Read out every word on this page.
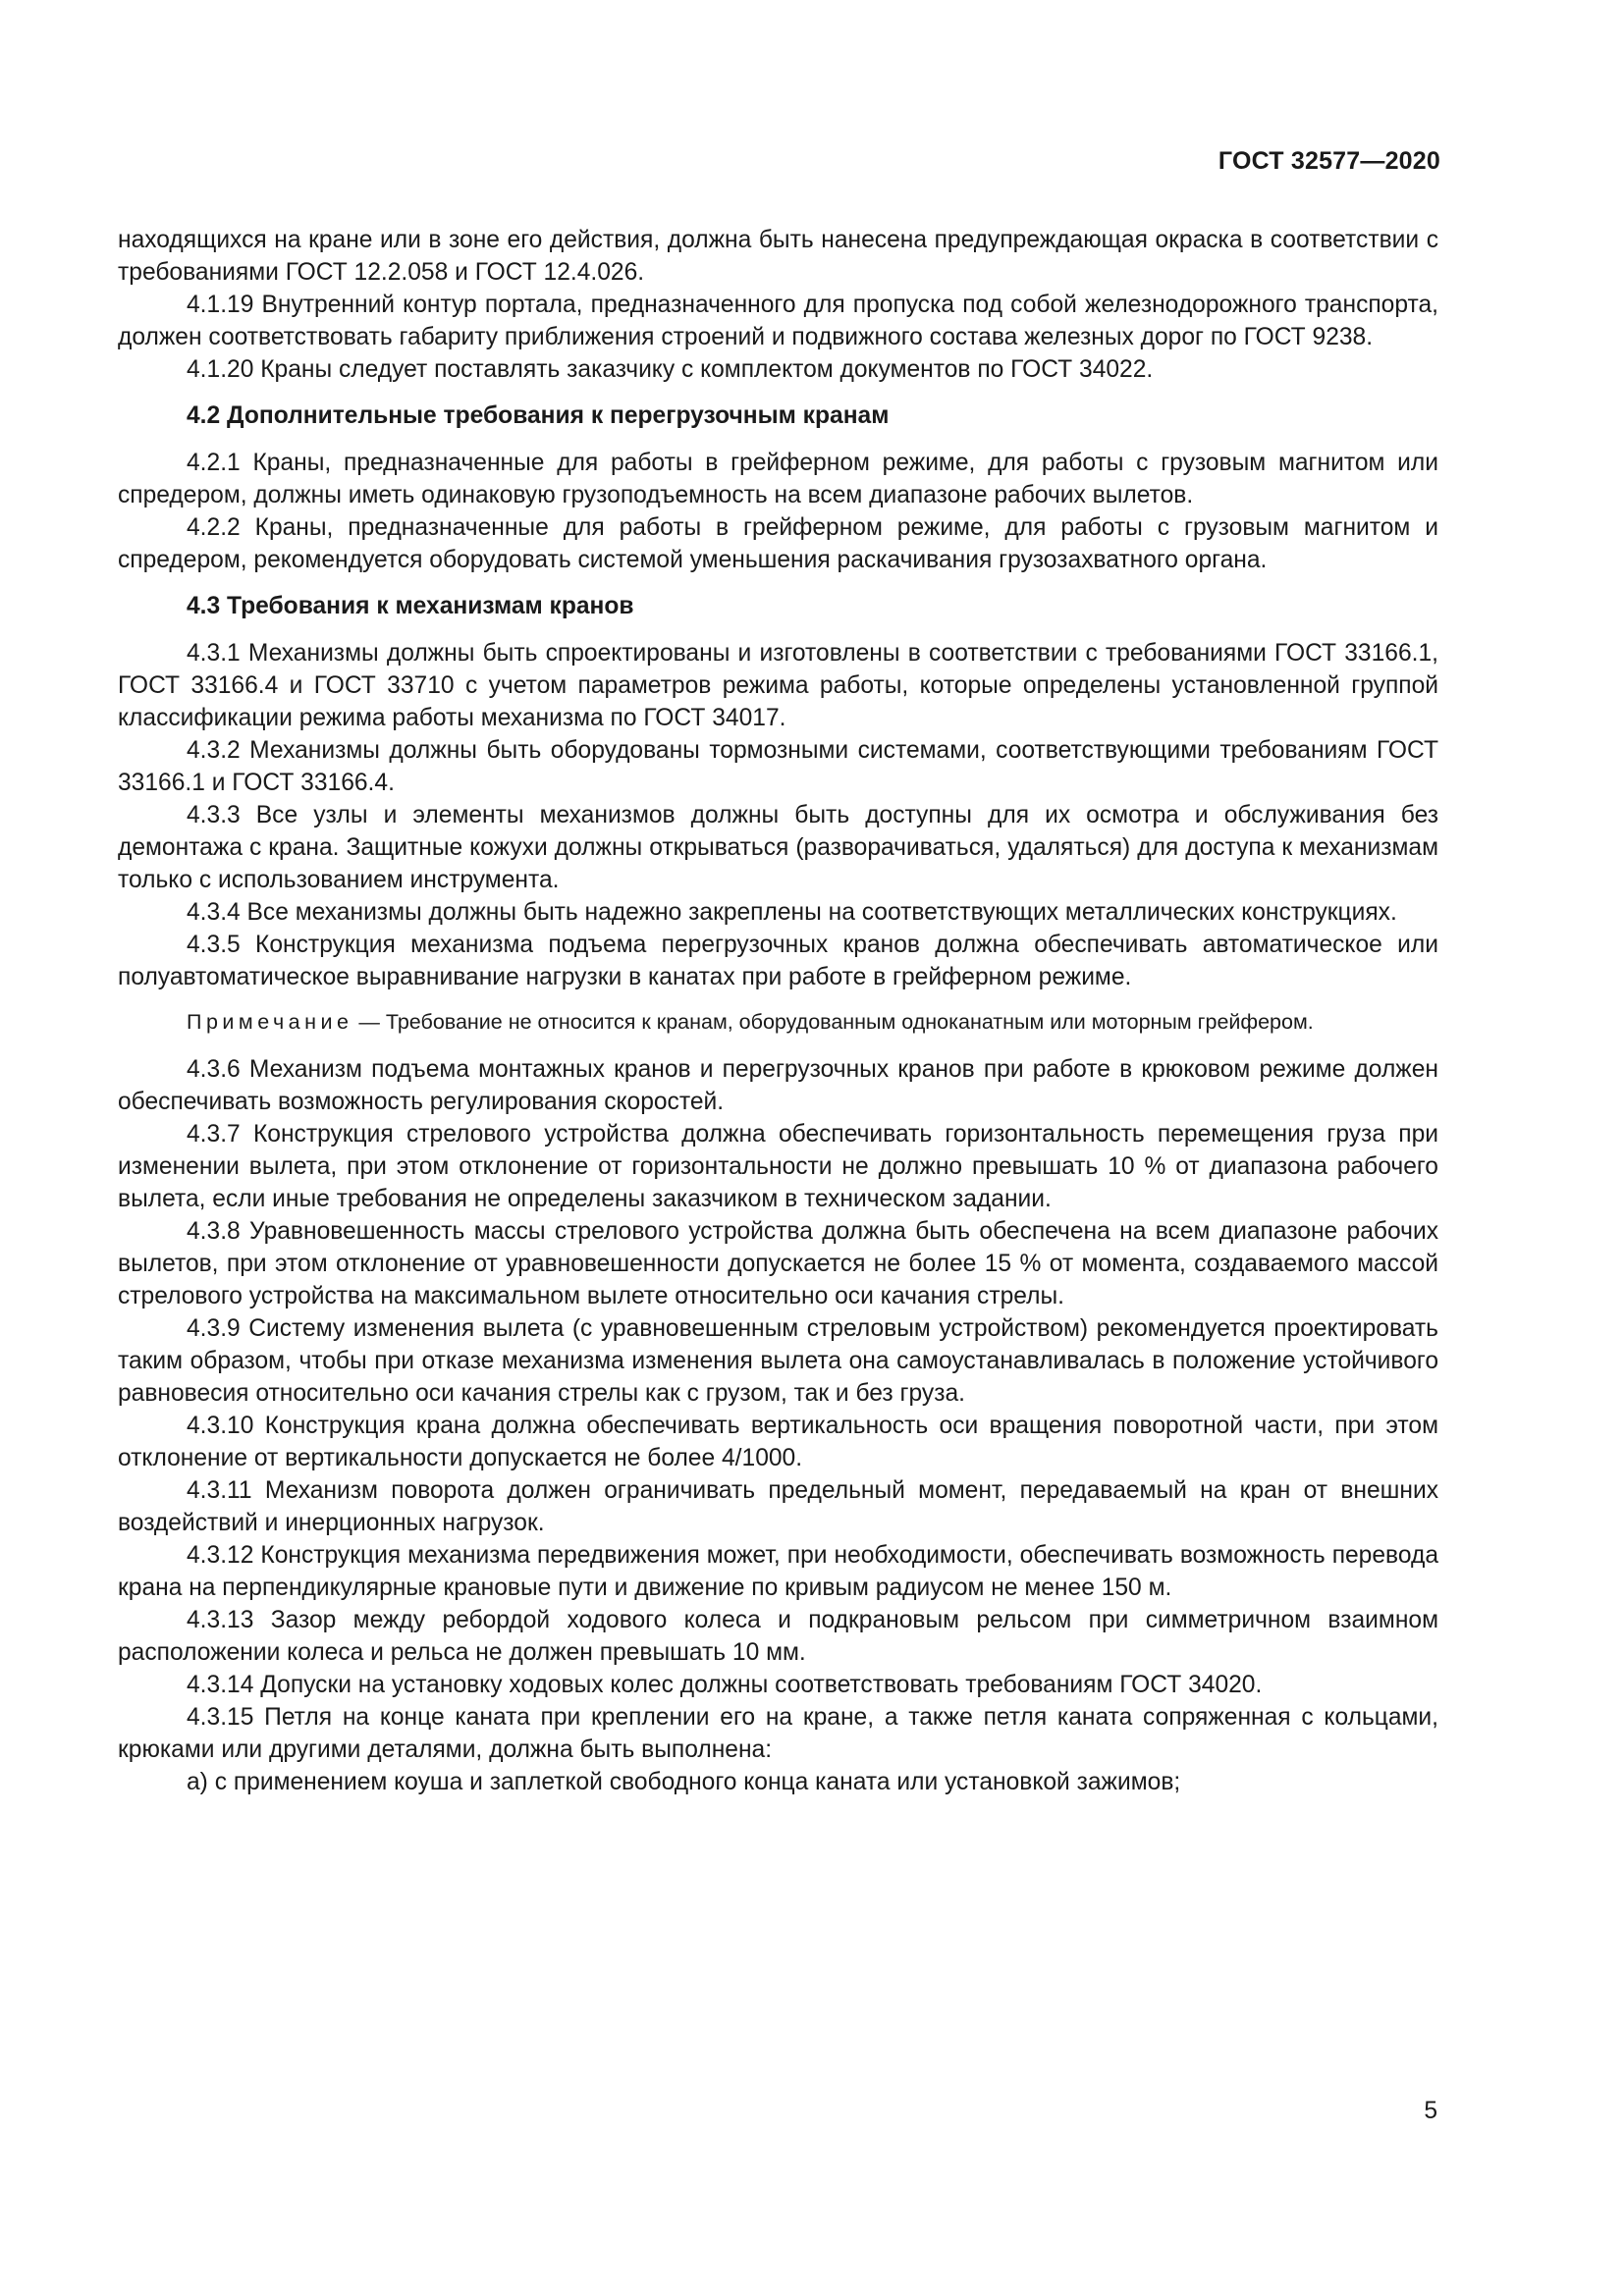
ГОСТ 32577—2020

находящихся на кране или в зоне его действия, должна быть нанесена предупреждающая окраска в соответствии с требованиями ГОСТ 12.2.058 и ГОСТ 12.4.026.

4.1.19 Внутренний контур портала, предназначенного для пропуска под собой железнодорожного транспорта, должен соответствовать габариту приближения строений и подвижного состава железных дорог по ГОСТ 9238.

4.1.20 Краны следует поставлять заказчику с комплектом документов по ГОСТ 34022.

4.2 Дополнительные требования к перегрузочным кранам

4.2.1 Краны, предназначенные для работы в грейферном режиме, для работы с грузовым магнитом или спредером, должны иметь одинаковую грузоподъемность на всем диапазоне рабочих вылетов.

4.2.2 Краны, предназначенные для работы в грейферном режиме, для работы с грузовым магнитом и спредером, рекомендуется оборудовать системой уменьшения раскачивания грузозахватного органа.

4.3 Требования к механизмам кранов

4.3.1 Механизмы должны быть спроектированы и изготовлены в соответствии с требованиями ГОСТ 33166.1, ГОСТ 33166.4 и ГОСТ 33710 с учетом параметров режима работы, которые определены установленной группой классификации режима работы механизма по ГОСТ 34017.

4.3.2 Механизмы должны быть оборудованы тормозными системами, соответствующими требованиям ГОСТ 33166.1 и ГОСТ 33166.4.

4.3.3 Все узлы и элементы механизмов должны быть доступны для их осмотра и обслуживания без демонтажа с крана. Защитные кожухи должны открываться (разворачиваться, удаляться) для доступа к механизмам только с использованием инструмента.

4.3.4 Все механизмы должны быть надежно закреплены на соответствующих металлических конструкциях.

4.3.5 Конструкция механизма подъема перегрузочных кранов должна обеспечивать автоматическое или полуавтоматическое выравнивание нагрузки в канатах при работе в грейферном режиме.

Примечание — Требование не относится к кранам, оборудованным одноканатным или моторным грейфером.

4.3.6 Механизм подъема монтажных кранов и перегрузочных кранов при работе в крюковом режиме должен обеспечивать возможность регулирования скоростей.

4.3.7 Конструкция стрелового устройства должна обеспечивать горизонтальность перемещения груза при изменении вылета, при этом отклонение от горизонтальности не должно превышать 10 % от диапазона рабочего вылета, если иные требования не определены заказчиком в техническом задании.

4.3.8 Уравновешенность массы стрелового устройства должна быть обеспечена на всем диапазоне рабочих вылетов, при этом отклонение от уравновешенности допускается не более 15 % от момента, создаваемого массой стрелового устройства на максимальном вылете относительно оси качания стрелы.

4.3.9 Систему изменения вылета (с уравновешенным стреловым устройством) рекомендуется проектировать таким образом, чтобы при отказе механизма изменения вылета она самоустанавливалась в положение устойчивого равновесия относительно оси качания стрелы как с грузом, так и без груза.

4.3.10 Конструкция крана должна обеспечивать вертикальность оси вращения поворотной части, при этом отклонение от вертикальности допускается не более 4/1000.

4.3.11 Механизм поворота должен ограничивать предельный момент, передаваемый на кран от внешних воздействий и инерционных нагрузок.

4.3.12 Конструкция механизма передвижения может, при необходимости, обеспечивать возможность перевода крана на перпендикулярные крановые пути и движение по кривым радиусом не менее 150 м.

4.3.13 Зазор между ребордой ходового колеса и подкрановым рельсом при симметричном взаимном расположении колеса и рельса не должен превышать 10 мм.

4.3.14 Допуски на установку ходовых колес должны соответствовать требованиям ГОСТ 34020.

4.3.15 Петля на конце каната при креплении его на кране, а также петля каната сопряженная с кольцами, крюками или другими деталями, должна быть выполнена:

а) с применением коуша и заплеткой свободного конца каната или установкой зажимов;

5
